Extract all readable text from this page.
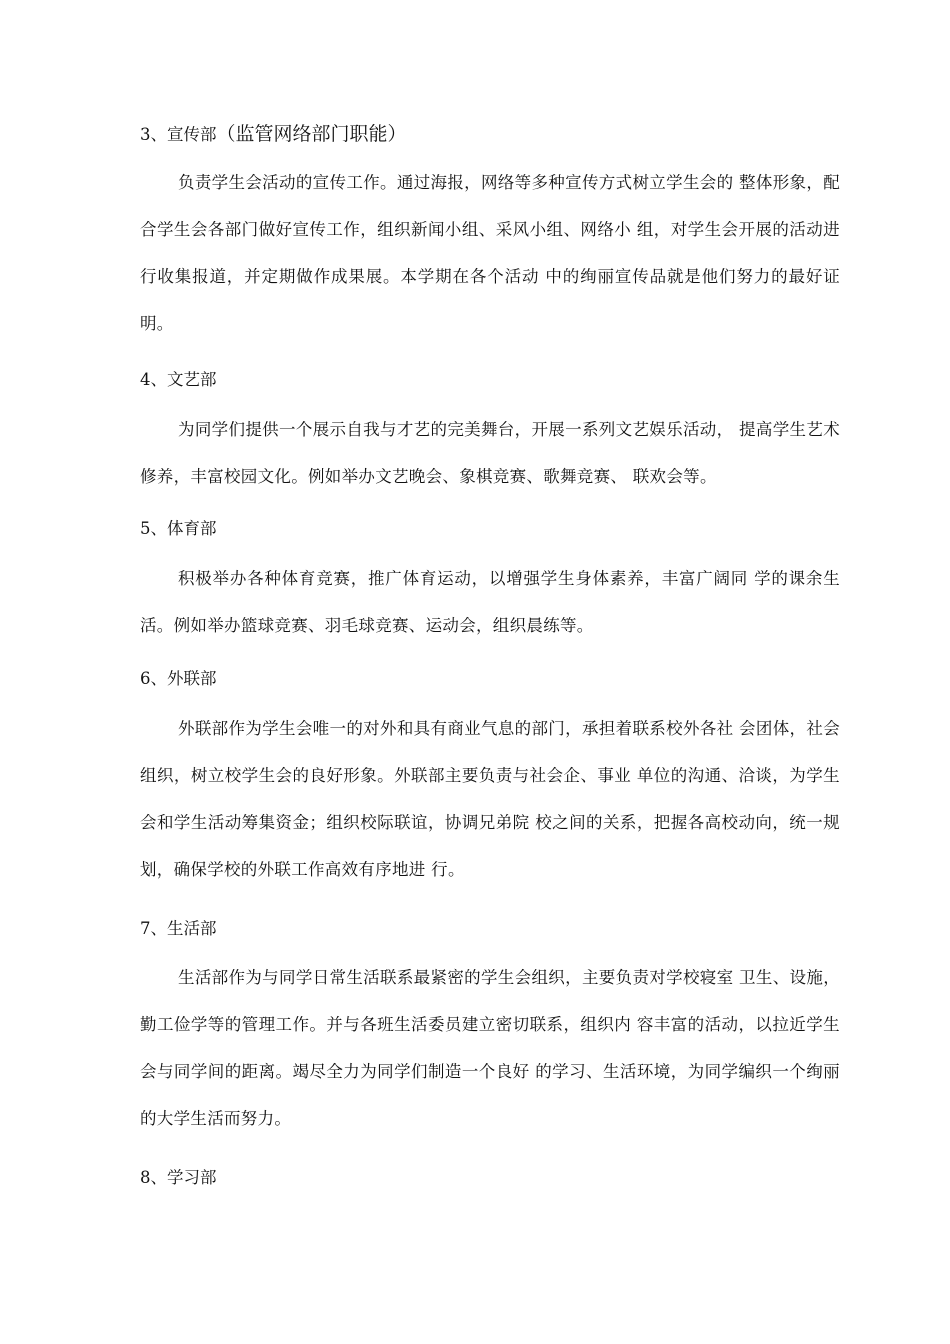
3、宣传部（监管网络部门职能）
负责学生会活动的宣传工作。通过海报，网络等多种宣传方式树立学生会的 整体形象，配合学生会各部门做好宣传工作，组织新闻小组、采风小组、网络小 组，对学生会开展的活动进行收集报道，并定期做作成果展。本学期在各个活动 中的绚丽宣传品就是他们努力的最好证明。
4、文艺部
为同学们提供一个展示自我与才艺的完美舞台，开展一系列文艺娱乐活动， 提高学生艺术修养，丰富校园文化。例如举办文艺晚会、象棋竞赛、歌舞竞赛、 联欢会等。
5、体育部
积极举办各种体育竞赛，推广体育运动，以增强学生身体素养，丰富广阔同 学的课余生活。例如举办篮球竞赛、羽毛球竞赛、运动会，组织晨练等。
6、外联部
外联部作为学生会唯一的对外和具有商业气息的部门，承担着联系校外各社 会团体，社会组织，树立校学生会的良好形象。外联部主要负责与社会企、事业 单位的沟通、洽谈，为学生会和学生活动筹集资金；组织校际联谊，协调兄弟院 校之间的关系，把握各高校动向，统一规划，确保学校的外联工作高效有序地进 行。
7、生活部
生活部作为与同学日常生活联系最紧密的学生会组织，主要负责对学校寝室 卫生、设施，勤工俭学等的管理工作。并与各班生活委员建立密切联系，组织内 容丰富的活动，以拉近学生会与同学间的距离。竭尽全力为同学们制造一个良好 的学习、生活环境，为同学编织一个绚丽的大学生活而努力。
8、学习部
